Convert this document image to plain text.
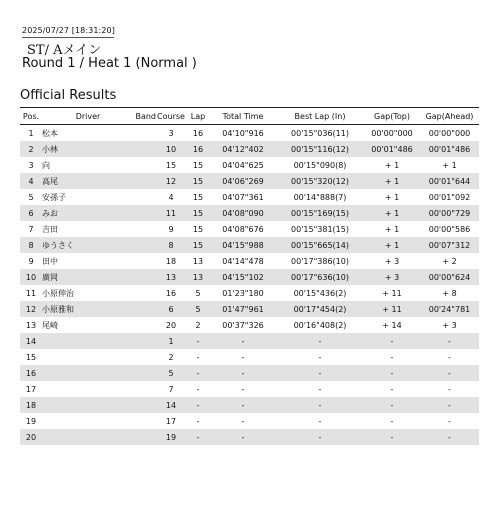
2025/07/27 [18:31:20]
ST/ Aメイン
Round 1 / Heat 1 (Normal )
Official Results
Pos.	Driver	Band	Course	Lap	Total Time	Best Lap (In)	Gap(Top)	Gap(Ahead)
1	松本		3	16	04'10"916	00'15"036(11)	00'00"000	00'00"000
2	小林		10	16	04'12"402	00'15"116(12)	00'01"486	00'01"486
3	向		15	15	04'04"625	00'15"090(8)	+ 1	+ 1
4	高尾		12	15	04'06"269	00'15"320(12)	+ 1	00'01"644
5	安孫子		4	15	04'07"361	00'14"888(7)	+ 1	00'01"092
6	みお		11	15	04'08"090	00'15"169(15)	+ 1	00'00"729
7	吉田		9	15	04'08"676	00'15"381(15)	+ 1	00'00"586
8	ゆうさく		8	15	04'15"988	00'15"665(14)	+ 1	00'07"312
9	田中		18	13	04'14"478	00'17"386(10)	+ 3	+ 2
10	廣岡		13	13	04'15"102	00'17"636(10)	+ 3	00'00"624
11	小原伸治		16	5	01'23"180	00'15"436(2)	+ 11	+ 8
12	小原雅和		6	5	01'47"961	00'17"454(2)	+ 11	00'24"781
13	尾崎		20	2	00'37"326	00'16"408(2)	+ 14	+ 3
14			1	-	-	-	-	-
15			2	-	-	-	-	-
16			5	-	-	-	-	-
17			7	-	-	-	-	-
18			14	-	-	-	-	-
19			17	-	-	-	-	-
20			19	-	-	-	-	-
